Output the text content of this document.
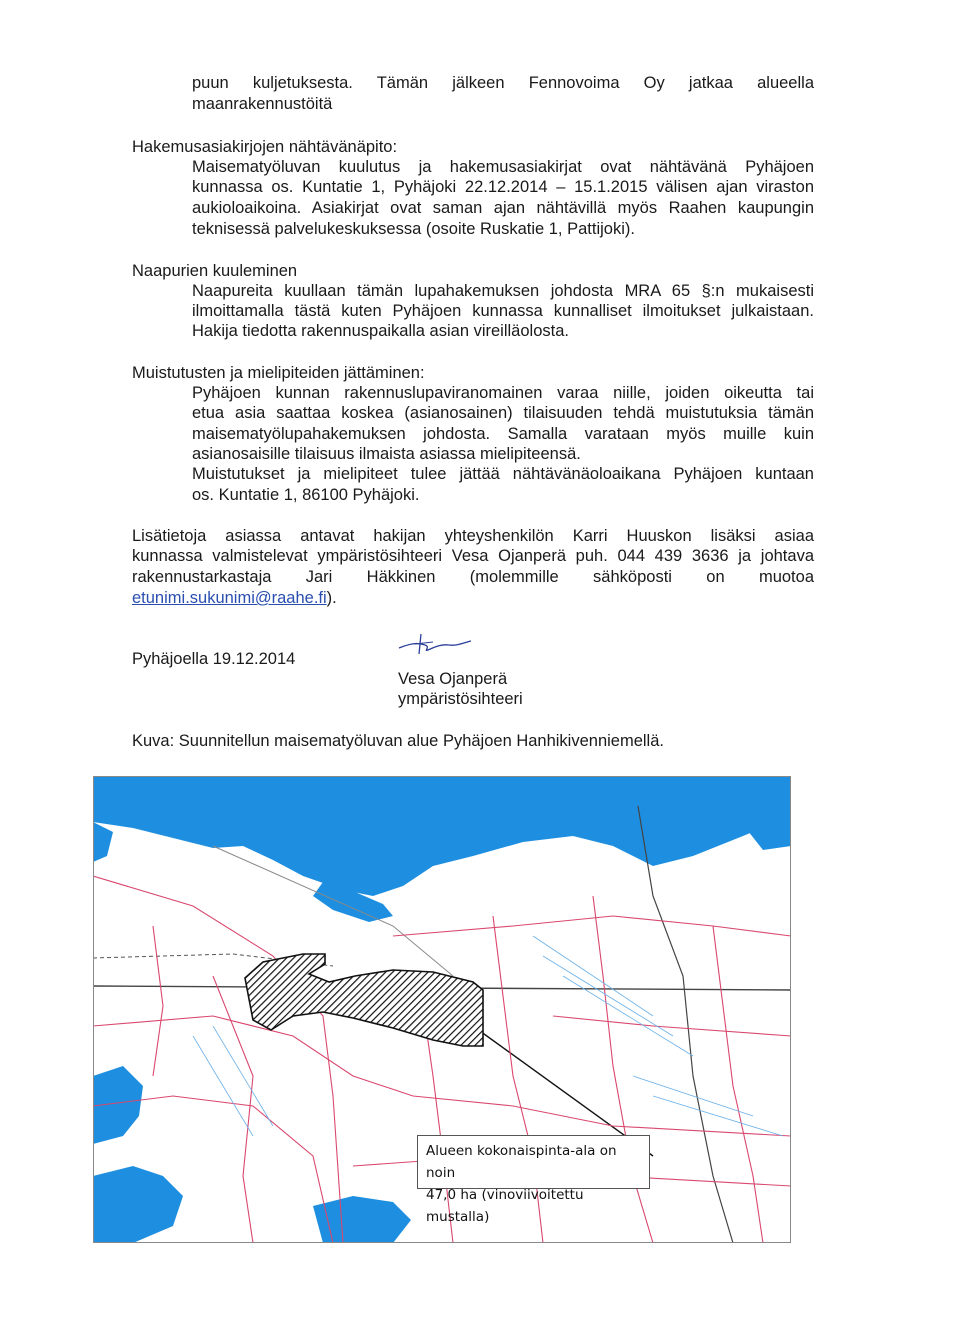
puun kuljetuksesta. Tämän jälkeen Fennovoima Oy jatkaa alueella

maanrakennustöitä

Hakemusasiakirjojen nähtävänäpito:

Maisematyöluvan kuulutus ja hakemusasiakirjat ovat nähtävänä Pyhäjoen

kunnassa os. Kuntatie 1, Pyhäjoki 22.12.2014 – 15.1.2015 välisen ajan viraston

aukioloaikoina. Asiakirjat ovat saman ajan nähtävillä myös Raahen kaupungin

teknisessä palvelukeskuksessa (osoite Ruskatie 1, Pattijoki).

Naapurien kuuleminen

Naapureita kuullaan tämän lupahakemuksen johdosta MRA 65 §:n mukaisesti

ilmoittamalla tästä kuten Pyhäjoen kunnassa kunnalliset ilmoitukset julkaistaan.

Hakija tiedotta rakennuspaikalla asian vireilläolosta.

Muistutusten ja mielipiteiden jättäminen:

Pyhäjoen kunnan rakennuslupaviranomainen varaa niille, joiden oikeutta tai

etua asia saattaa koskea (asianosainen) tilaisuuden tehdä muistutuksia tämän

maisematyölupahakemuksen johdosta. Samalla varataan myös muille kuin

asianosaisille tilaisuus ilmaista asiassa mielipiteensä.

Muistutukset ja mielipiteet tulee jättää nähtävänäoloaikana Pyhäjoen kuntaan

os. Kuntatie 1, 86100 Pyhäjoki.

Lisätietoja asiassa antavat hakijan yhteyshenkilön Karri Huuskon lisäksi asiaa

kunnassa valmistelevat ympäristösihteeri Vesa Ojanperä puh. 044 439 3636 ja johtava

rakennustarkastaja Jari Häkkinen (molemmille sähköposti on muotoa

etunimi.sukunimi@raahe.fi).

Pyhäjoella 19.12.2014

Vesa Ojanperä

ympäristösihteeri

Kuva: Suunnitellun maisematyöluvan alue Pyhäjoen Hanhikivenniemellä.

Alueen kokonaispinta-ala on noin
47,0 ha (vinoviivoitettu mustalla)
